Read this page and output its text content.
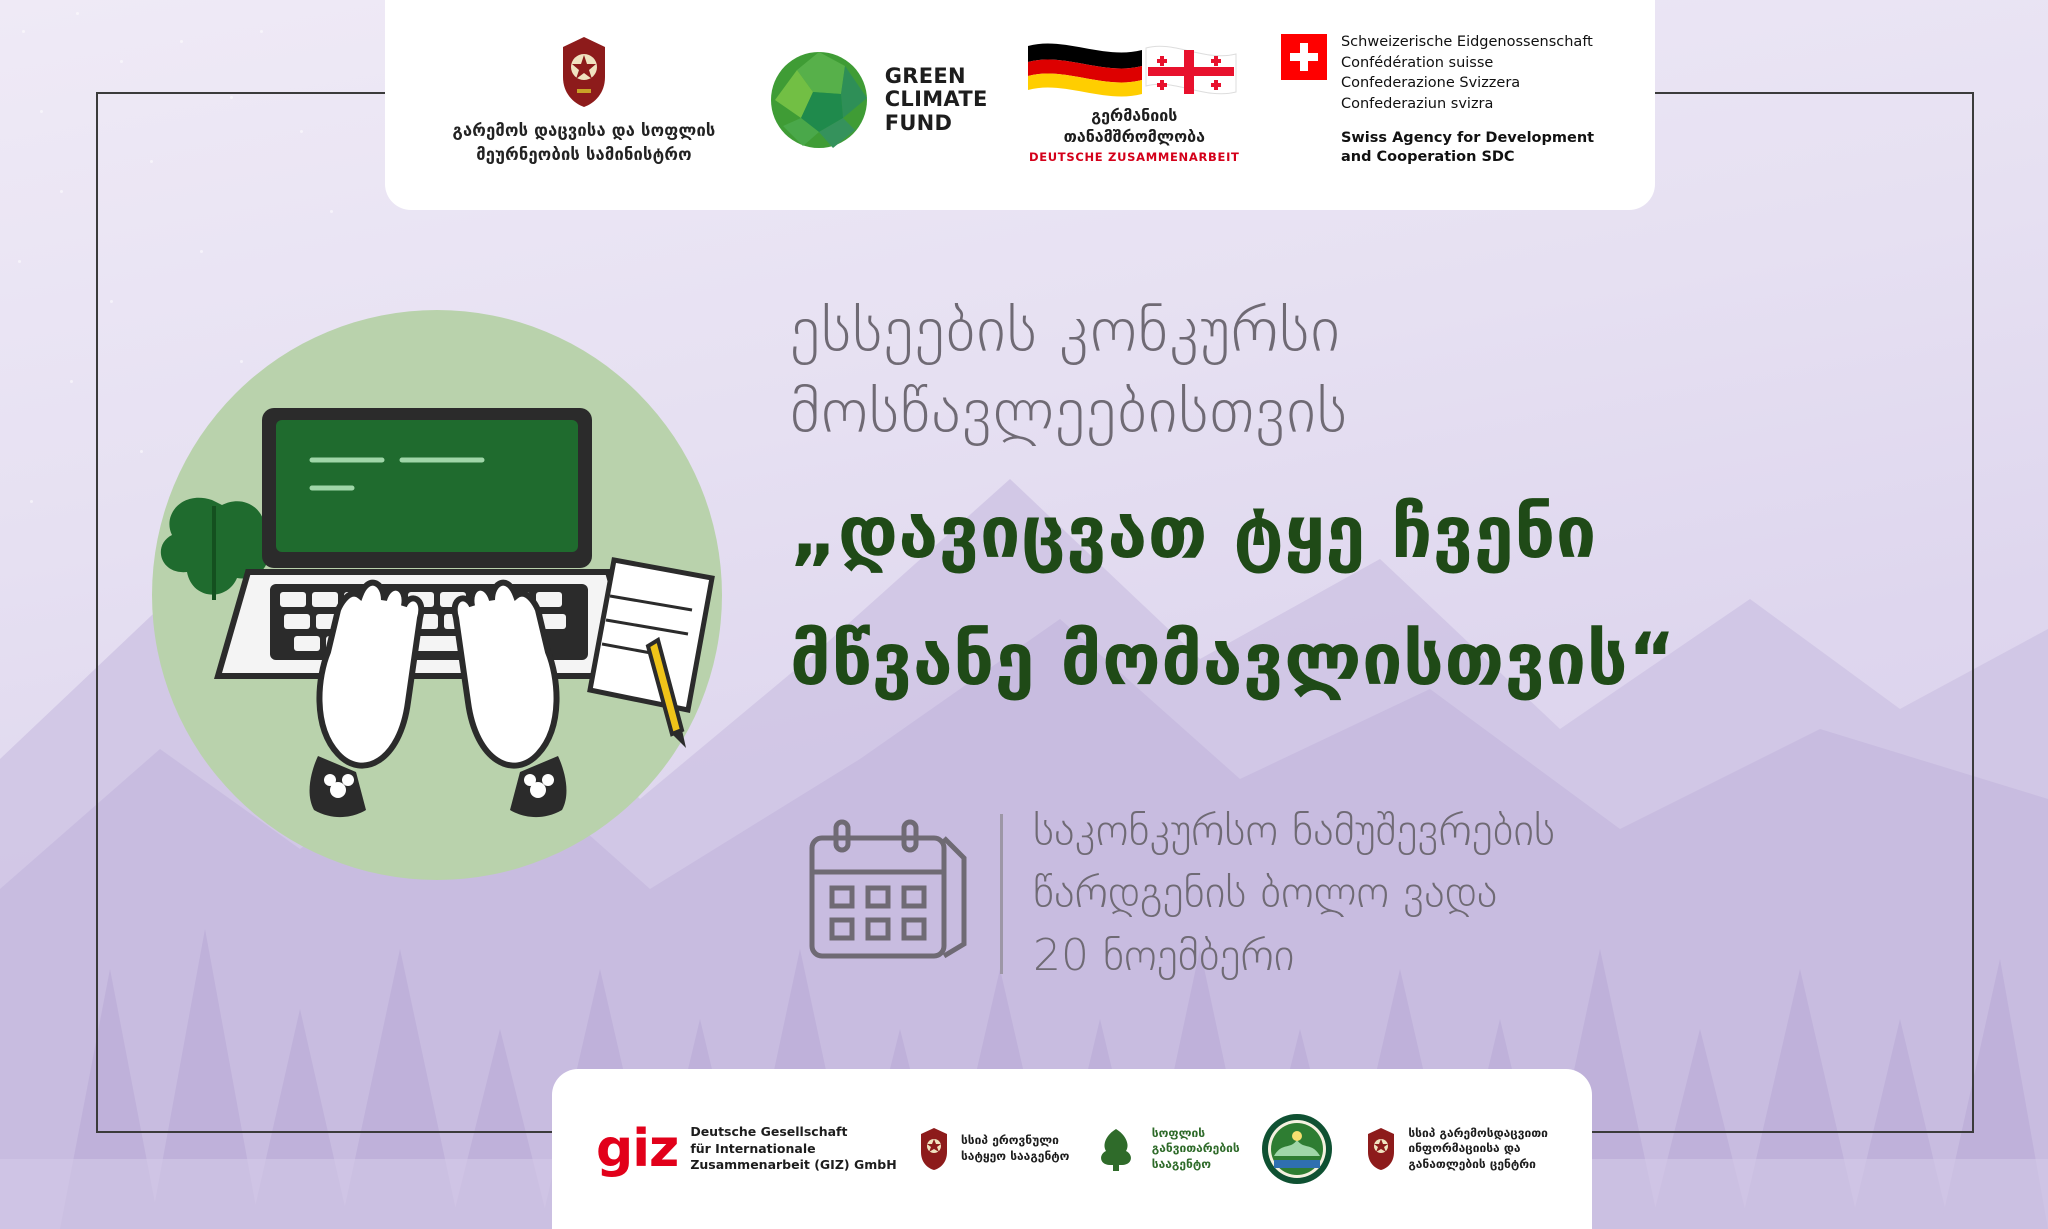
გარემოს დაცვისა და სოფლის
მეურნეობის სამინისტრო
GREEN
CLIMATE
FUND	გერმანიის
თანამშრომლობა
DEUTSCHE ZUSAMMENARBEIT
Schweizerische Eidgenossenschaft
Confédération suisse
Confederazione Svizzera
Confederaziun svizra
Swiss Agency for Development
and Cooperation SDC
ესსეების კონკურსი
მოსწავლეებისთვის
„დავიცვათ ტყე ჩვენი
მწვანე მომავლისთვის“
საკონკურსო ნამუშევრების
წარდგენის ბოლო ვადა
20 ნოემბერი
giz Deutsche Gesellschaft
für Internationale
Zusammenarbeit (GIZ) GmbH
სსიპ ეროვნული
სატყეო სააგენტო
სოფლის
განვითარების
სააგენტო
სსიპ გარემოსდაცვითი
ინფორმაციისა და
განათლების ცენტრი
